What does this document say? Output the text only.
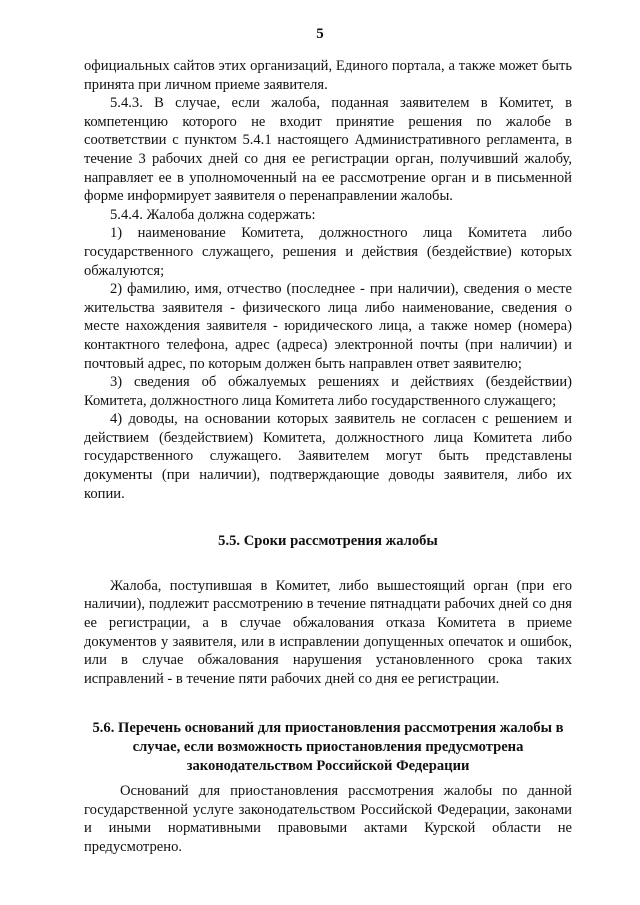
5

официальных сайтов этих организаций, Единого портала, а также может быть принята при личном приеме заявителя.

5.4.3. В случае, если жалоба, поданная заявителем в Комитет, в компетенцию которого не входит принятие решения по жалобе в соответствии с пунктом 5.4.1 настоящего Административного регламента, в течение 3 рабочих дней со дня ее регистрации орган, получивший жалобу, направляет ее в уполномоченный на ее рассмотрение орган и в письменной форме информирует заявителя о перенаправлении жалобы.

5.4.4. Жалоба должна содержать:

1) наименование Комитета, должностного лица Комитета либо государственного служащего, решения и действия (бездействие) которых обжалуются;

2) фамилию, имя, отчество (последнее - при наличии), сведения о месте жительства заявителя - физического лица либо наименование, сведения о месте нахождения заявителя - юридического лица, а также номер (номера) контактного телефона, адрес (адреса) электронной почты (при наличии) и почтовый адрес, по которым должен быть направлен ответ заявителю;

3) сведения об обжалуемых решениях и действиях (бездействии) Комитета, должностного лица Комитета либо государственного служащего;

4) доводы, на основании которых заявитель не согласен с решением и действием (бездействием) Комитета, должностного лица Комитета либо государственного служащего. Заявителем могут быть представлены документы (при наличии), подтверждающие доводы заявителя, либо их копии.

5.5. Сроки рассмотрения жалобы

Жалоба, поступившая в Комитет, либо вышестоящий орган (при его наличии), подлежит рассмотрению в течение пятнадцати рабочих дней со дня ее регистрации, а в случае обжалования отказа Комитета в приеме документов у заявителя, или в исправлении допущенных опечаток и ошибок, или в случае обжалования нарушения установленного срока таких исправлений - в течение пяти рабочих дней со дня ее регистрации.

5.6. Перечень оснований для приостановления рассмотрения жалобы в случае, если возможность приостановления предусмотрена законодательством Российской Федерации

Оснований для приостановления рассмотрения жалобы по данной государственной услуге законодательством Российской Федерации, законами и иными нормативными правовыми актами Курской области не предусмотрено.
